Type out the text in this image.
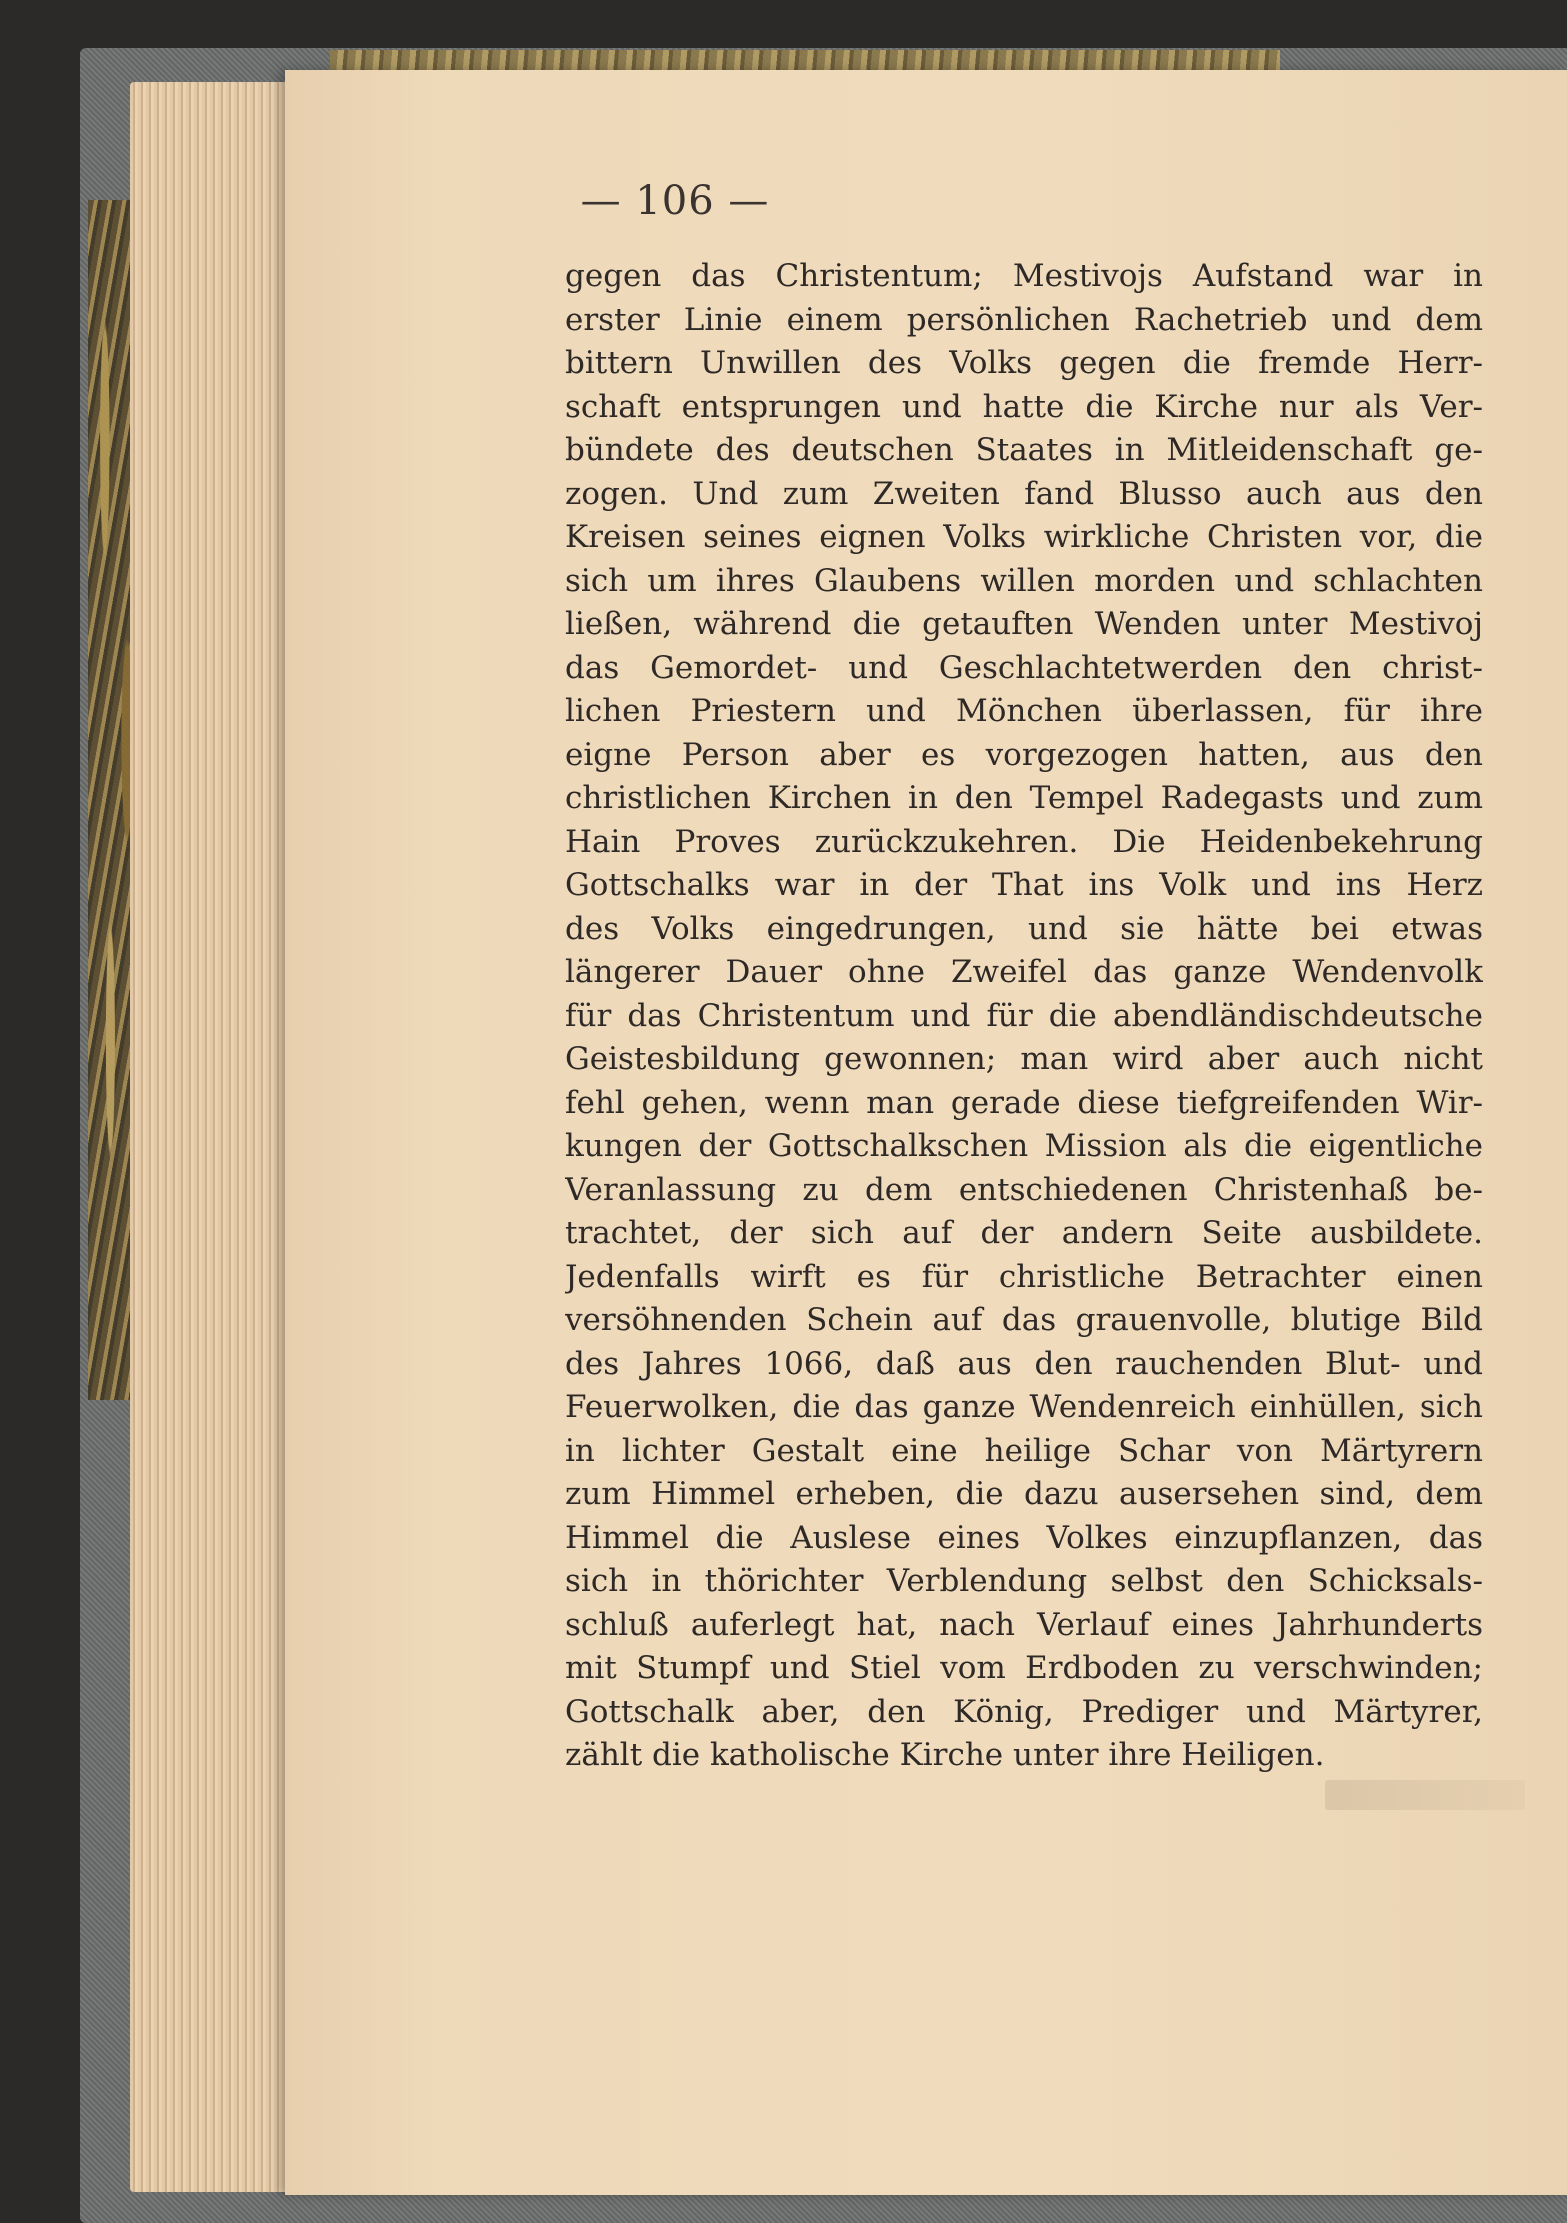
— 106 —
gegen das Christentum; Mestivojs Aufstand war in
erster Linie einem persönlichen Rachetrieb und dem
bittern Unwillen des Volks gegen die fremde Herr-
schaft entsprungen und hatte die Kirche nur als Ver-
bündete des deutschen Staates in Mitleidenschaft ge-
zogen. Und zum Zweiten fand Blusso auch aus den
Kreisen seines eignen Volks wirkliche Christen vor, die
sich um ihres Glaubens willen morden und schlachten
ließen, während die getauften Wenden unter Mestivoj
das Gemordet- und Geschlachtetwerden den christ-
lichen Priestern und Mönchen überlassen, für ihre
eigne Person aber es vorgezogen hatten, aus den
christlichen Kirchen in den Tempel Radegasts und zum
Hain Proves zurückzukehren. Die Heidenbekehrung
Gottschalks war in der That ins Volk und ins Herz
des Volks eingedrungen, und sie hätte bei etwas
längerer Dauer ohne Zweifel das ganze Wendenvolk
für das Christentum und für die abendländischdeutsche
Geistesbildung gewonnen; man wird aber auch nicht
fehl gehen, wenn man gerade diese tiefgreifenden Wir-
kungen der Gottschalkschen Mission als die eigentliche
Veranlassung zu dem entschiedenen Christenhaß be-
trachtet, der sich auf der andern Seite ausbildete.
Jedenfalls wirft es für christliche Betrachter einen
versöhnenden Schein auf das grauenvolle, blutige Bild
des Jahres 1066, daß aus den rauchenden Blut- und
Feuerwolken, die das ganze Wendenreich einhüllen, sich
in lichter Gestalt eine heilige Schar von Märtyrern
zum Himmel erheben, die dazu ausersehen sind, dem
Himmel die Auslese eines Volkes einzupflanzen, das
sich in thörichter Verblendung selbst den Schicksals-
schluß auferlegt hat, nach Verlauf eines Jahrhunderts
mit Stumpf und Stiel vom Erdboden zu verschwinden;
Gottschalk aber, den König, Prediger und Märtyrer,
zählt die katholische Kirche unter ihre Heiligen.
